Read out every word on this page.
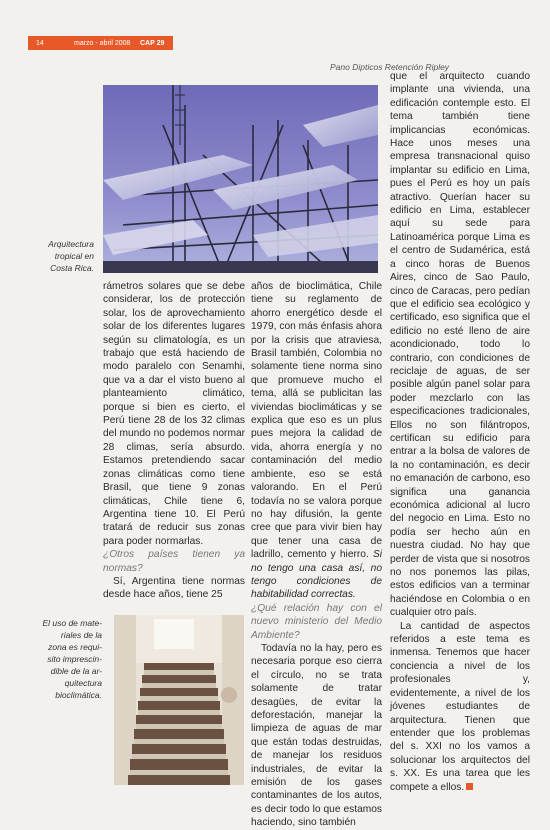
14	marzo - abril 2008 CAP 29
Pano Dipticos Retención Ripley
Arquitectura
tropical en
Costa Rica.
El uso de mate-
riales de la
zona es requi-
sito imprescin-
dible de la ar-
quitectura
bioclimática.

rámetros solares que se debe considerar, los de protección solar, los de aprovechamiento solar de los diferentes lugares según su climatología, es un trabajo que está haciendo de modo paralelo con Senamhi, que va a dar el visto bueno al planteamiento climático, porque si bien es cierto, el Perú tiene 28 de los 32 climas del mundo no podemos normar 28 climas, sería absurdo. Estamos pretendiendo sacar zonas climáticas como tiene Brasil, que tiene 9 zonas climáticas, Chile tiene 6, Argentina tiene 10. El Perú tratará de reducir sus zonas para poder normarlas.

¿Otros países tienen ya normas?

Sí, Argentina tiene normas desde hace años, tiene 25

años de bioclimática, Chile tiene su reglamento de ahorro energético desde el 1979, con más énfasis ahora por la crisis que atraviesa, Brasil también, Colombia no solamente tiene norma sino que promueve mucho el tema, allá se publicitan las viviendas bioclimáticas y se explica que eso es un plus pues mejora la calidad de vida, ahorra energía y no contaminación del medio ambiente, eso se está valorando. En el Perú todavía no se valora porque no hay difusión, la gente cree que para vivir bien hay que tener una casa de ladrillo, cemento y hierro. Si no tengo una casa así, no tengo condiciones de habitabilidad correctas.

¿Qué relación hay con el nuevo ministerio del Medio Ambiente?

Todavía no la hay, pero es necesaria porque eso cierra el círculo, no se trata solamente de tratar desagües, de evitar la deforestación, manejar la limpieza de aguas de mar que están todas destruidas, de manejar los residuos industriales, de evitar la emisión de los gases contaminantes de los autos, es decir todo lo que estamos haciendo, sino también

que el arquitecto cuando implante una vivienda, una edificación contemple esto. El tema también tiene implicancias económicas. Hace unos meses una empresa transnacional quiso implantar su edificio en Lima, pues el Perú es hoy un país atractivo. Querían hacer su edificio en Lima, establecer aquí su sede para Latinoamérica porque Lima es el centro de Sudamérica, está a cinco horas de Buenos Aires, cinco de Sao Paulo, cinco de Caracas, pero pedían que el edificio sea ecológico y certificado, eso significa que el edificio no esté lleno de aire acondicionado, todo lo contrario, con condiciones de reciclaje de aguas, de ser posible algún panel solar para poder mezclarlo con las especificaciones tradicionales, Ellos no son filántropos, certifican su edificio para entrar a la bolsa de valores de la no contaminación, es decir no emanación de carbono, eso significa una ganancia económica adicional al lucro del negocio en Lima. Esto no podía ser hecho aún en nuestra ciudad. No hay que perder de vista que si nosotros no nos ponemos las pilas, estos edificios van a terminar haciéndose en Colombia o en cualquier otro país.

La cantidad de aspectos referidos a este tema es inmensa. Tenemos que hacer conciencia a nivel de los profesionales y, evidentemente, a nivel de los jóvenes estudiantes de arquitectura. Tienen que entender que los problemas del s. XXI no los vamos a solucionar los arquitectos del s. XX. Es una tarea que les compete a ellos.
